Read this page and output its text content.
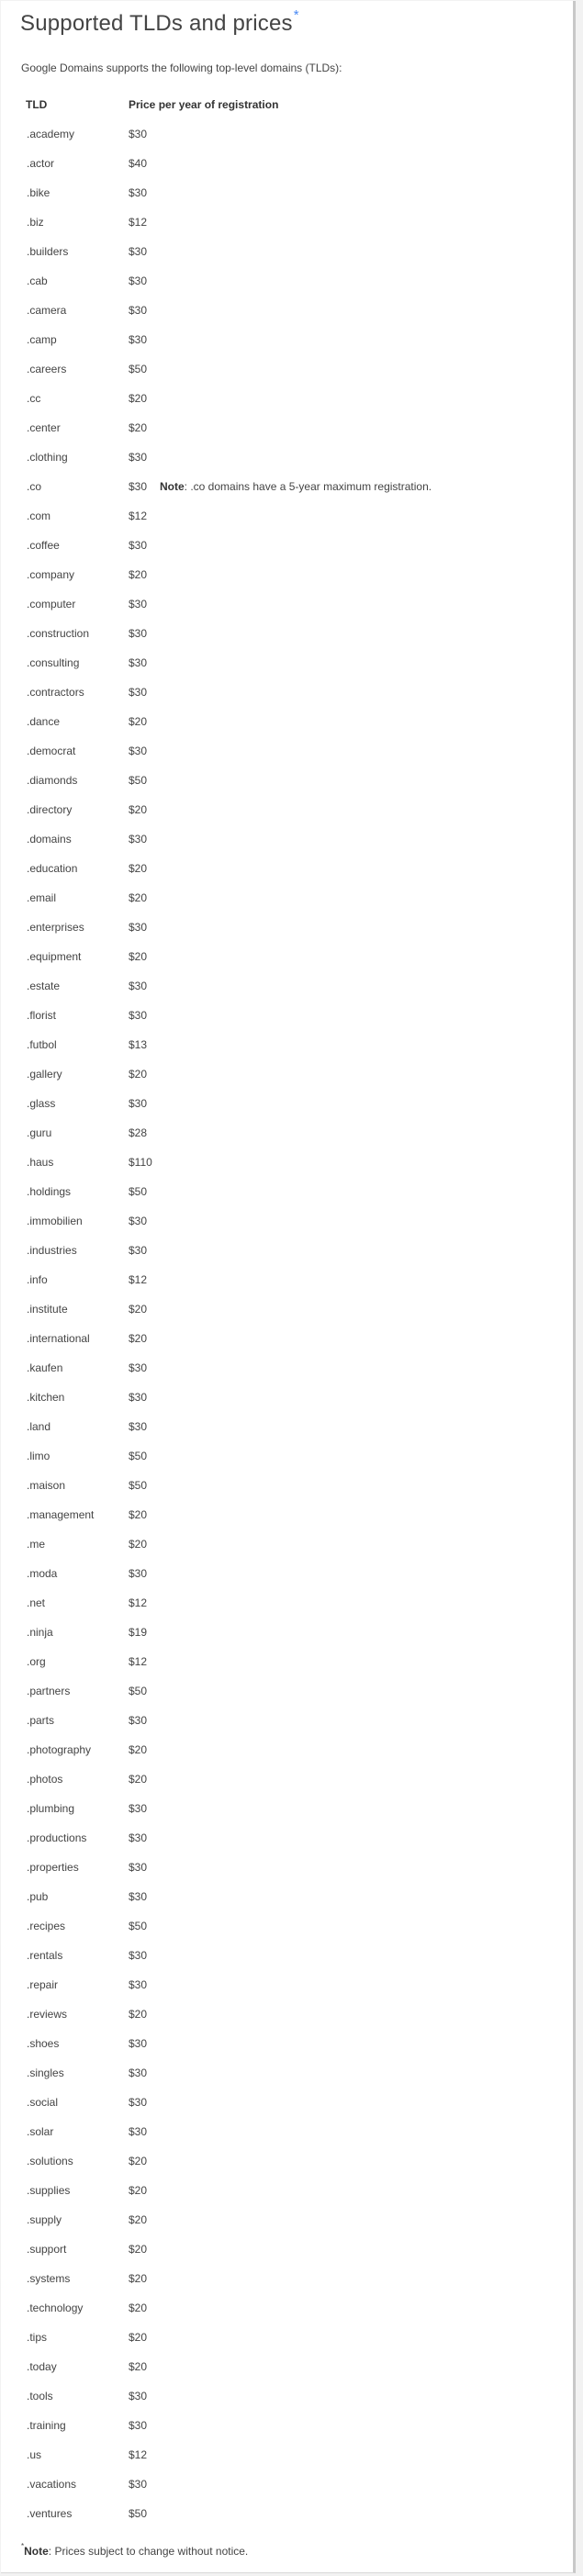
Supported TLDs and prices*

Google Domains supports the following top-level domains (TLDs):

TLD	Price per year of registration	
.academy	$30	
.actor	$40	
.bike	$30	
.biz	$12	
.builders	$30	
.cab	$30	
.camera	$30	
.camp	$30	
.careers	$50	
.cc	$20	
.center	$20	
.clothing	$30	
.co	$30	Note: .co domains have a 5-year maximum registration.
.com	$12	
.coffee	$30	
.company	$20	
.computer	$30	
.construction	$30	
.consulting	$30	
.contractors	$30	
.dance	$20	
.democrat	$30	
.diamonds	$50	
.directory	$20	
.domains	$30	
.education	$20	
.email	$20	
.enterprises	$30	
.equipment	$20	
.estate	$30	
.florist	$30	
.futbol	$13	
.gallery	$20	
.glass	$30	
.guru	$28	
.haus	$110	
.holdings	$50	
.immobilien	$30	
.industries	$30	
.info	$12	
.institute	$20	
.international	$20	
.kaufen	$30	
.kitchen	$30	
.land	$30	
.limo	$50	
.maison	$50	
.management	$20	
.me	$20	
.moda	$30	
.net	$12	
.ninja	$19	
.org	$12	
.partners	$50	
.parts	$30	
.photography	$20	
.photos	$20	
.plumbing	$30	
.productions	$30	
.properties	$30	
.pub	$30	
.recipes	$50	
.rentals	$30	
.repair	$30	
.reviews	$20	
.shoes	$30	
.singles	$30	
.social	$30	
.solar	$30	
.solutions	$20	
.supplies	$20	
.supply	$20	
.support	$20	
.systems	$20	
.technology	$20	
.tips	$20	
.today	$20	
.tools	$30	
.training	$30	
.us	$12	
.vacations	$30	
.ventures	$50	

*Note: Prices subject to change without notice.
